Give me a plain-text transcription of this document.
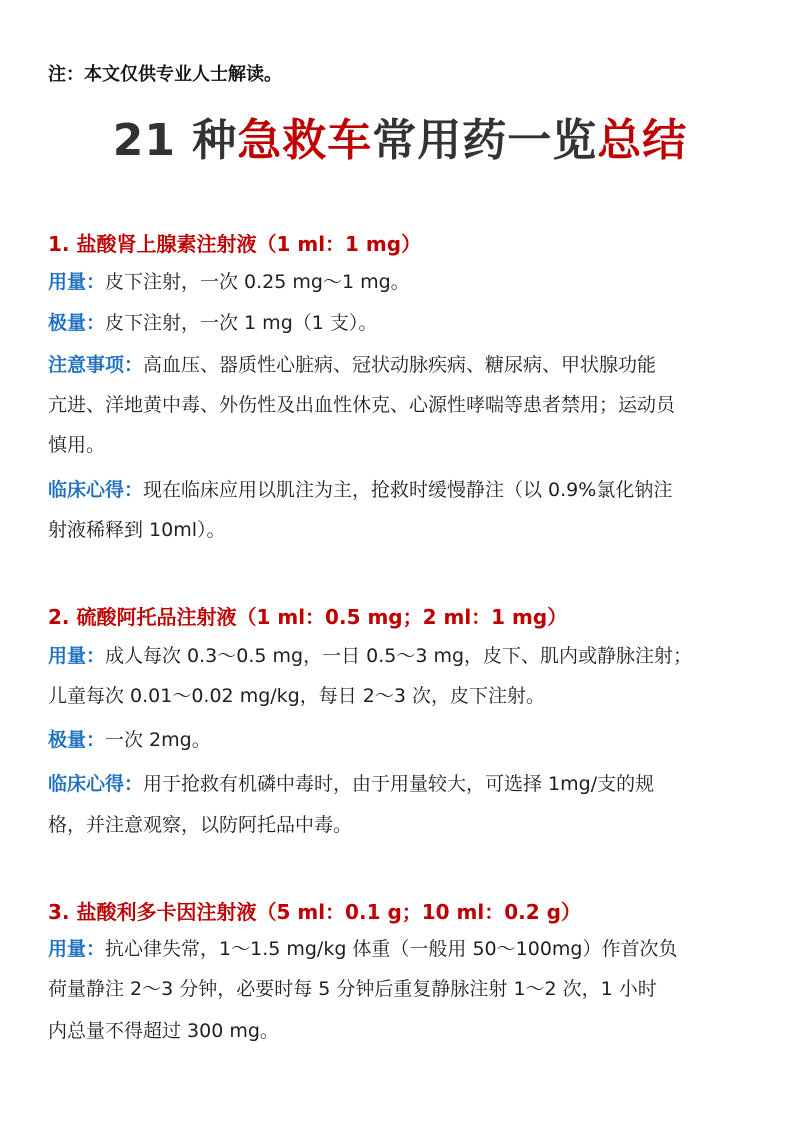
注：本文仅供专业人士解读。
21 种急救车常用药一览总结
1. 盐酸肾上腺素注射液（1 ml：1 mg）
用量：皮下注射，一次 0.25 mg～1 mg。
极量：皮下注射，一次 1 mg（1 支）。
注意事项：高血压、器质性心脏病、冠状动脉疾病、糖尿病、甲状腺功能
亢进、洋地黄中毒、外伤性及出血性休克、心源性哮喘等患者禁用；运动员
慎用。
临床心得：现在临床应用以肌注为主，抢救时缓慢静注（以 0.9%氯化钠注
射液稀释到 10ml）。
2. 硫酸阿托品注射液（1 ml：0.5 mg；2 ml：1 mg）
用量：成人每次 0.3～0.5 mg，一日 0.5～3 mg，皮下、肌内或静脉注射；
儿童每次 0.01～0.02 mg/kg，每日 2～3 次，皮下注射。
极量：一次 2mg。
临床心得：用于抢救有机磷中毒时，由于用量较大，可选择 1mg/支的规
格，并注意观察，以防阿托品中毒。
3. 盐酸利多卡因注射液（5 ml：0.1 g；10 ml：0.2 g）
用量：抗心律失常，1～1.5 mg/kg 体重（一般用 50～100mg）作首次负
荷量静注 2～3 分钟，必要时每 5 分钟后重复静脉注射 1～2 次，1 小时
内总量不得超过 300 mg。
